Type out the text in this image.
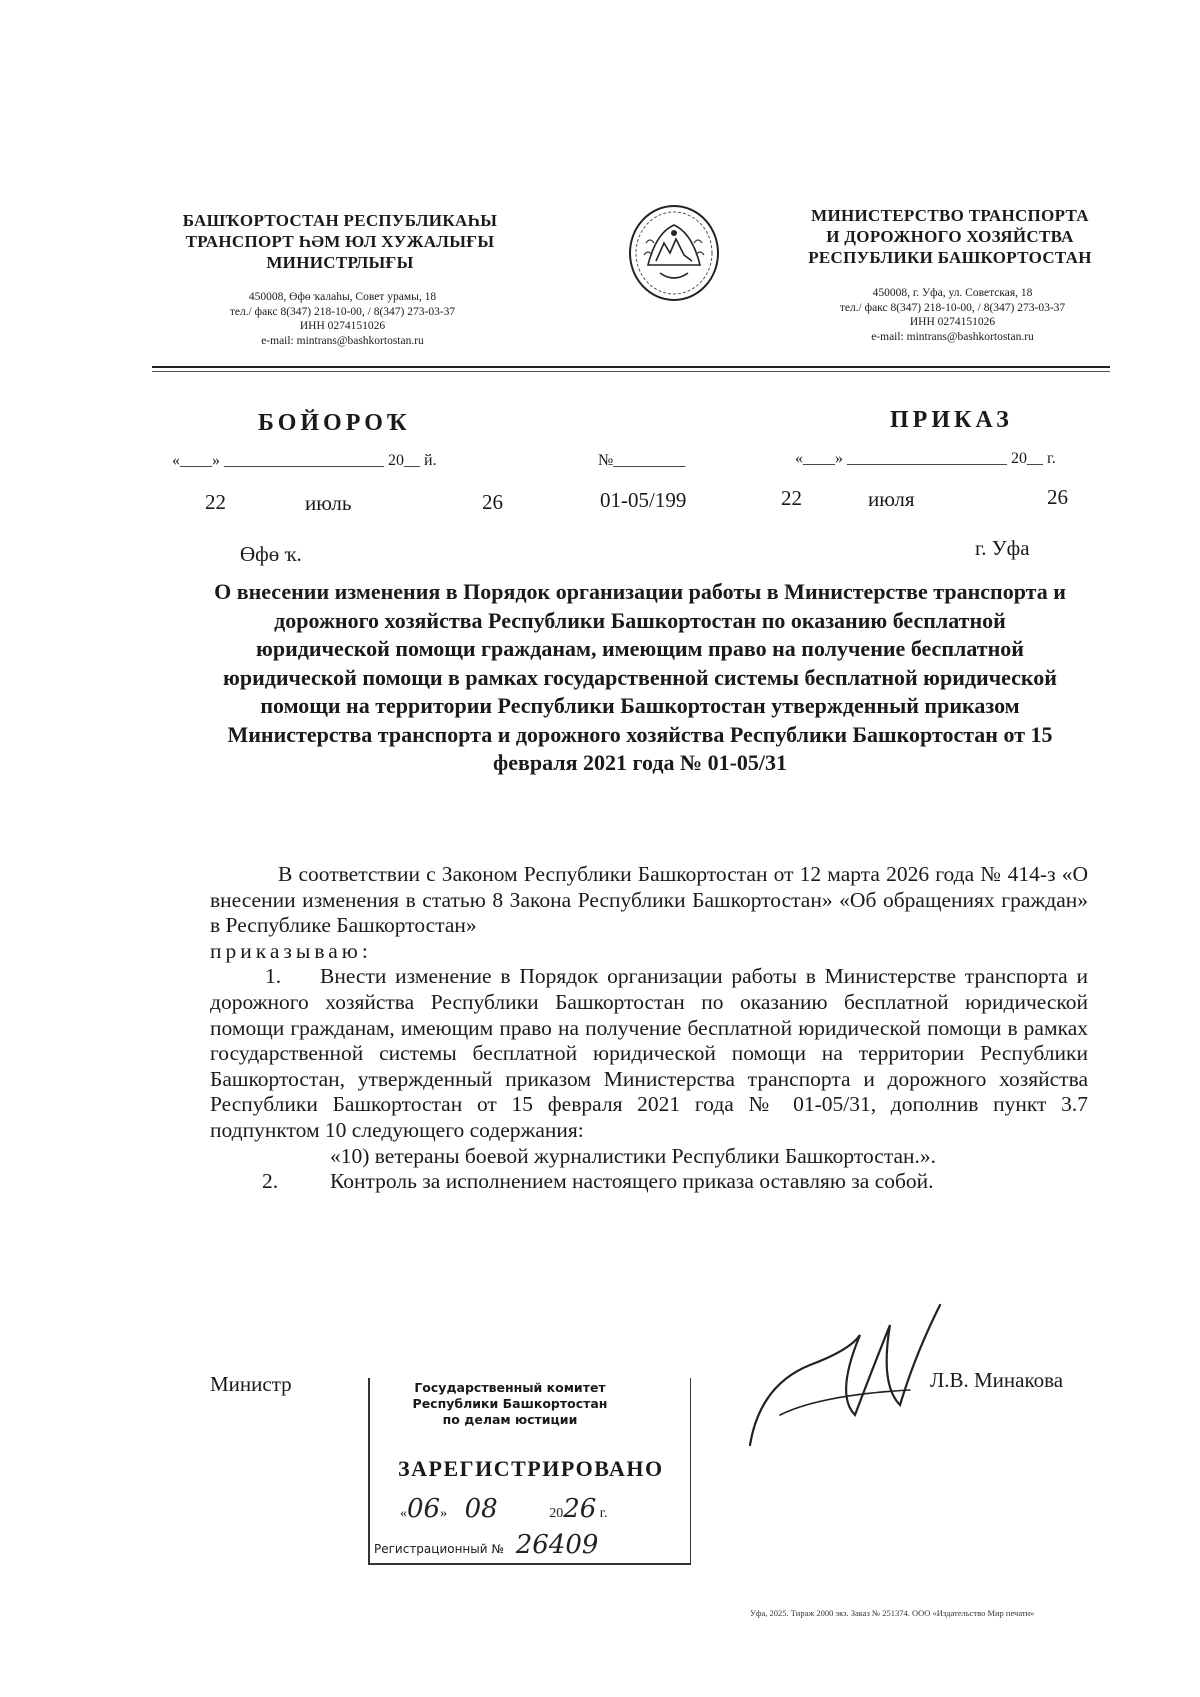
БАШҠОРТОСТАН РЕСПУБЛИКАҺЫ
ТРАНСПОРТ ҺӘМ ЮЛ ХУЖАЛЫҒЫ
МИНИСТРЛЫҒЫ
450008, Өфө ҡалаһы, Совет урамы, 18
тел./ факс 8(347) 218-10-00, / 8(347) 273-03-37
ИНН 0274151026
e-mail: mintrans@bashkortostan.ru
МИНИСТЕРСТВО ТРАНСПОРТА
И ДОРОЖНОГО ХОЗЯЙСТВА
РЕСПУБЛИКИ БАШКОРТОСТАН
450008, г. Уфа, ул. Советская, 18
тел./ факс 8(347) 218-10-00, / 8(347) 273-03-37
ИНН 0274151026
e-mail: mintrans@bashkortostan.ru
БОЙОРОҠ	ПРИКАЗ
«____» ____________________ 20__ й.	№_________	«____» ____________________ 20__ г.
22	июль	26	01-05/199	22	июля	26
Өфө ҡ.	г. Уфа
О внесении изменения в Порядок организации работы в Министерстве транспорта и дорожного хозяйства Республики Башкортостан по оказанию бесплатной юридической помощи гражданам, имеющим право на получение бесплатной юридической помощи в рамках государственной системы бесплатной юридической помощи на территории Республики Башкортостан утвержденный приказом Министерства транспорта и дорожного хозяйства Республики Башкортостан от 15 февраля 2021 года № 01-05/31

В соответствии с Законом Республики Башкортостан от 12 марта 2026 года № 414-з «О внесении изменения в статью 8 Закона Республики Башкортостан» «Об обращениях граждан» в Республике Башкортостан»

приказываю:

1. Внести изменение в Порядок организации работы в Министерстве транспорта и дорожного хозяйства Республики Башкортостан по оказанию бесплатной юридической помощи гражданам, имеющим право на получение бесплатной юридической помощи в рамках государственной системы бесплатной юридической помощи на территории Республики Башкортостан, утвержденный приказом Министерства транспорта и дорожного хозяйства Республики Башкортостан от 15 февраля 2021 года № 01-05/31, дополнив пункт 3.7 подпунктом 10 следующего содержания:

«10) ветераны боевой журналистики Республики Башкортостан.».

2. Контроль за исполнением настоящего приказа оставляю за собой.

Министр	Л.В. Минакова
Государственный комитет
Республики Башкортостан
по делам юстиции
ЗАРЕГИСТРИРОВАНО
«06» 08	2026 г.
Регистрационный № 26409
Уфа, 2025. Тираж 2000 экз. Заказ № 251374. ООО «Издательство Мир печати»
